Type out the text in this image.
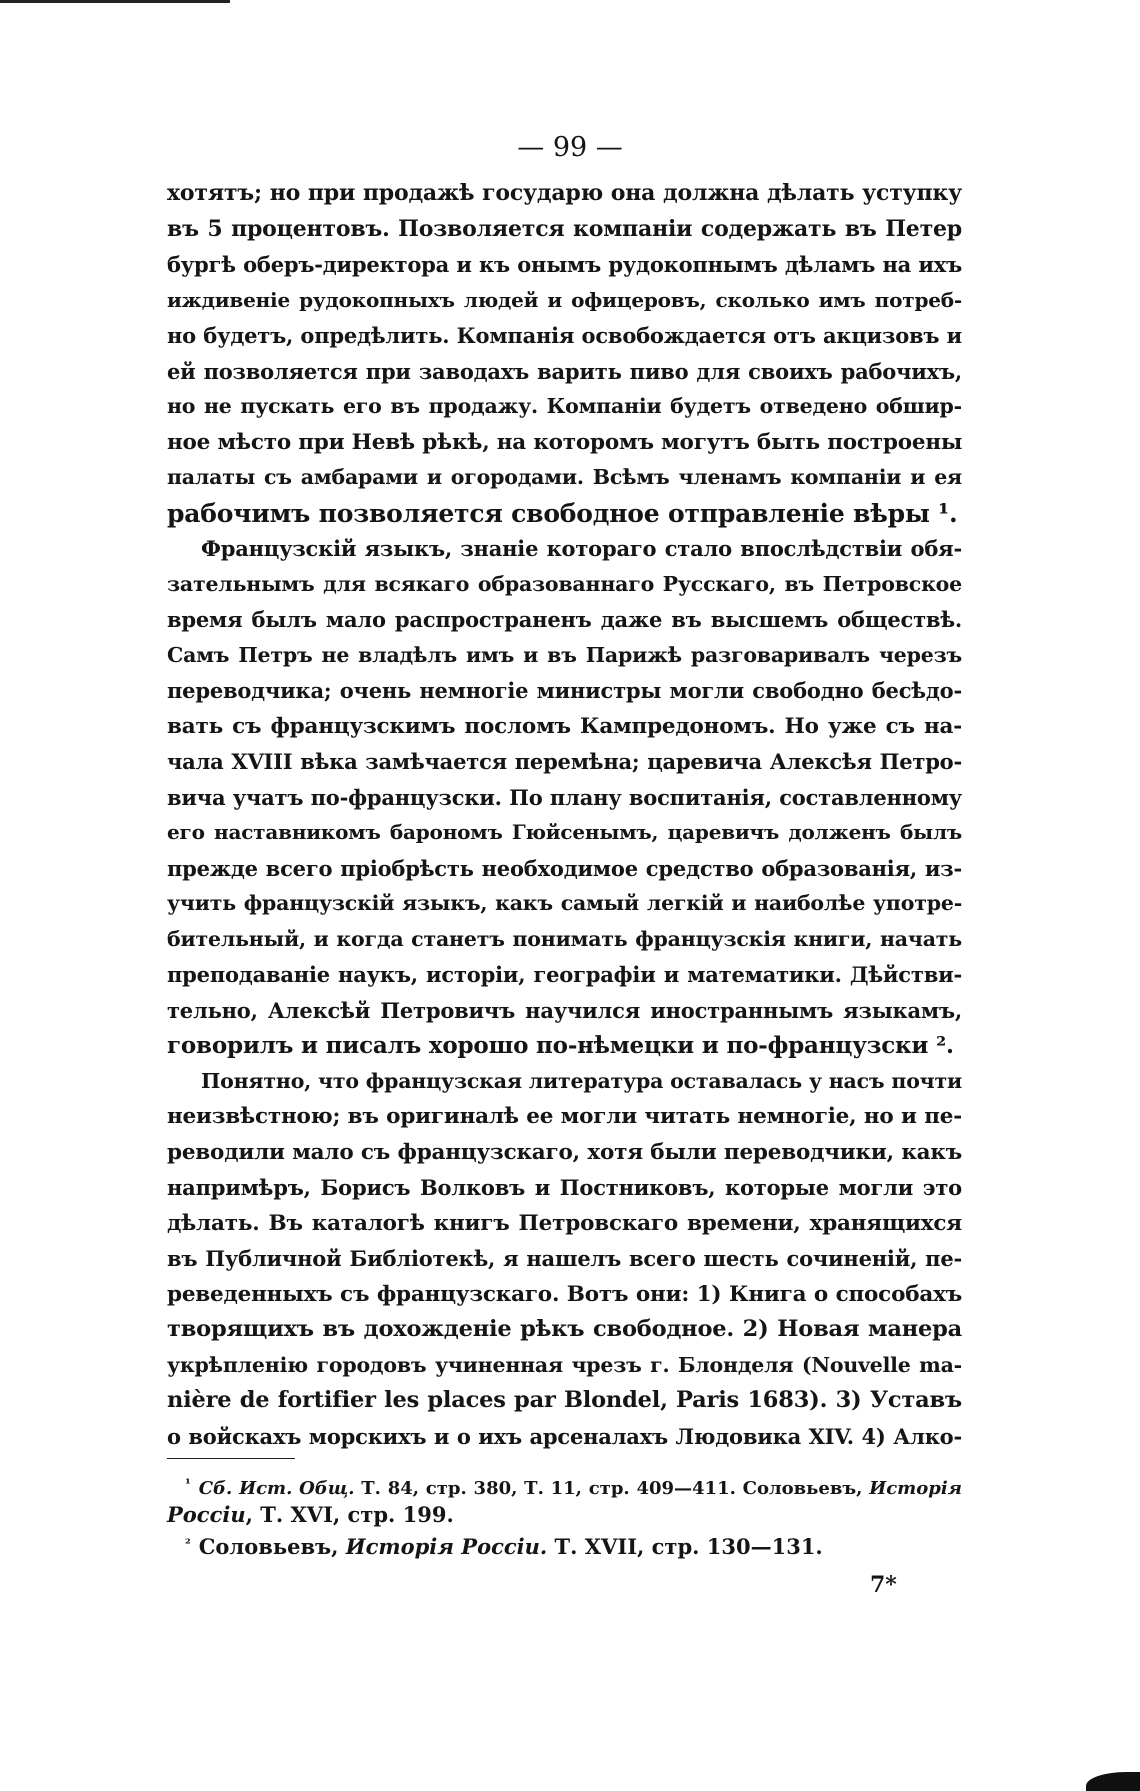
— 99 —
хотятъ; но при продажѣ государю она должна дѣлать уступку
въ 5 процентовъ. Позволяется компаніи содержать въ Петер
бургѣ оберъ-директора и къ онымъ рудокопнымъ дѣламъ на ихъ
иждивеніе рудокопныхъ людей и офицеровъ, сколько имъ потреб-
но будетъ, опредѣлить. Компанія освобождается отъ акцизовъ и
ей позволяется при заводахъ варить пиво для своихъ рабочихъ,
но не пускать его въ продажу. Компаніи будетъ отведено обшир-
ное мѣсто при Невѣ рѣкѣ, на которомъ могутъ быть построены
палаты съ амбарами и огородами. Всѣмъ членамъ компаніи и ея
рабочимъ позволяется свободное отправленіе вѣры ¹.
Французскій языкъ, знаніе котораго стало впослѣдствіи обя-
зательнымъ для всякаго образованнаго Русскаго, въ Петровское
время былъ мало распространенъ даже въ высшемъ обществѣ.
Самъ Петръ не владѣлъ имъ и въ Парижѣ разговаривалъ черезъ
переводчика; очень немногіе министры могли свободно бесѣдо-
вать съ французскимъ посломъ Кампредономъ. Но уже съ на-
чала XVIII вѣка замѣчается перемѣна; царевича Алексѣя Петро-
вича учатъ по-французски. По плану воспитанія, составленному
его наставникомъ барономъ Гюйсенымъ, царевичъ долженъ былъ
прежде всего пріобрѣсть необходимое средство образованія, из-
учить французскій языкъ, какъ самый легкій и наиболѣе употре-
бительный, и когда станетъ понимать французскія книги, начать
преподаваніе наукъ, исторіи, географіи и математики. Дѣйстви-
тельно, Алексѣй Петровичъ научился иностраннымъ языкамъ,
говорилъ и писалъ хорошо по-нѣмецки и по-французски ².
Понятно, что французская литература оставалась у насъ почти
неизвѣстною; въ оригиналѣ ее могли читать немногіе, но и пе-
реводили мало съ французскаго, хотя были переводчики, какъ
напримѣръ, Борисъ Волковъ и Постниковъ, которые могли это
дѣлать. Въ каталогѣ книгъ Петровскаго времени, хранящихся
въ Публичной Библіотекѣ, я нашелъ всего шесть сочиненій, пе-
реведенныхъ съ французскаго. Вотъ они: 1) Книга о способахъ
творящихъ въ дохожденіе рѣкъ свободное. 2) Новая манера
укрѣпленію городовъ учиненная чрезъ г. Блонделя (Nouvelle ma-
nière de fortifier les places par Blondel, Paris 1683). 3) Уставъ
о войскахъ морскихъ и о ихъ арсеналахъ Людовика XIV. 4) Алко-
$^{^1}$ Сб. Ист. Общ. Т. 84, стр. 380, Т. 11, стр. 409—411. Соловьевъ, Исторія
Россіи, Т. XVI, стр. 199.
$^{^2}$ Соловьевъ, Исторія Россіи. Т. XVII, стр. 130—131.
7*
